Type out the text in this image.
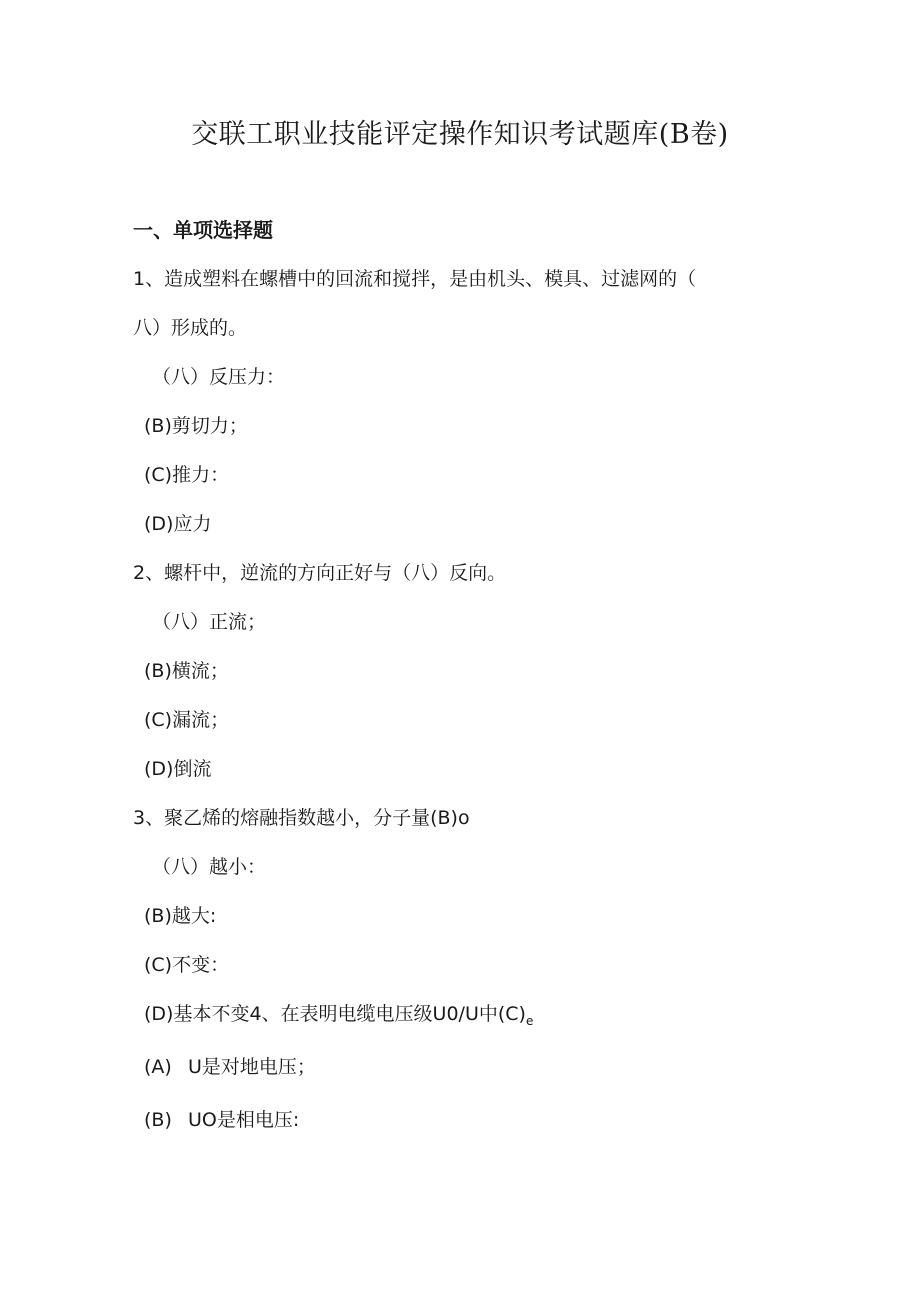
交联工职业技能评定操作知识考试题库(B卷)
一、单项选择题
1、造成塑料在螺槽中的回流和搅拌，是由机头、模具、过滤网的（
八）形成的。
（八）反压力：
(B)剪切力；
(C)推力：
(D)应力
2、螺杆中，逆流的方向正好与（八）反向。
（八）正流；
(B)横流；
(C)漏流；
(D)倒流
3、聚乙烯的熔融指数越小，分子量(B)o
（八）越小：
(B)越大:
(C)不变：
(D)基本不变4、在表明电缆电压级U0/U中$(C)_e$
(A) U是对地电压；
(B) UO是相电压:
